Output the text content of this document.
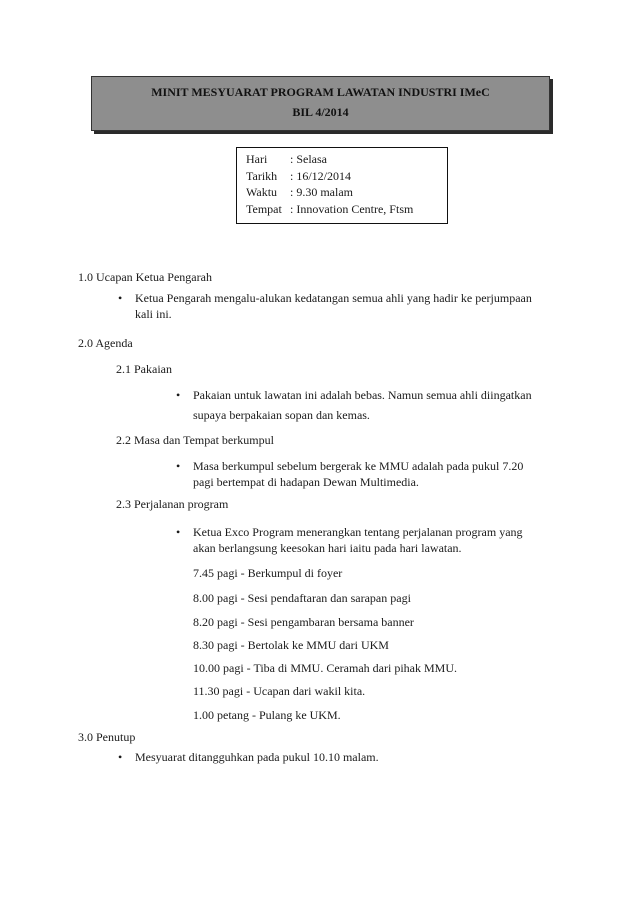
MINIT MESYUARAT PROGRAM LAWATAN INDUSTRI IMeC
BIL 4/2014
Hari : Selasa
Tarikh : 16/12/2014
Waktu : 9.30 malam
Tempat : Innovation Centre, Ftsm
1.0 Ucapan Ketua Pengarah
• Ketua Pengarah mengalu-alukan kedatangan semua ahli yang hadir ke perjumpaan
kali ini.
2.0 Agenda
2.1 Pakaian
• Pakaian untuk lawatan ini adalah bebas. Namun semua ahli diingatkan
supaya berpakaian sopan dan kemas.
2.2 Masa dan Tempat berkumpul
• Masa berkumpul sebelum bergerak ke MMU adalah pada pukul 7.20
pagi bertempat di hadapan Dewan Multimedia.
2.3 Perjalanan program
• Ketua Exco Program menerangkan tentang perjalanan program yang
akan berlangsung keesokan hari iaitu pada hari lawatan.
7.45 pagi - Berkumpul di foyer
8.00 pagi - Sesi pendaftaran dan sarapan pagi
8.20 pagi - Sesi pengambaran bersama banner
8.30 pagi - Bertolak ke MMU dari UKM
10.00 pagi - Tiba di MMU. Ceramah dari pihak MMU.
11.30 pagi - Ucapan dari wakil kita.
1.00 petang - Pulang ke UKM.
3.0 Penutup
• Mesyuarat ditangguhkan pada pukul 10.10 malam.
